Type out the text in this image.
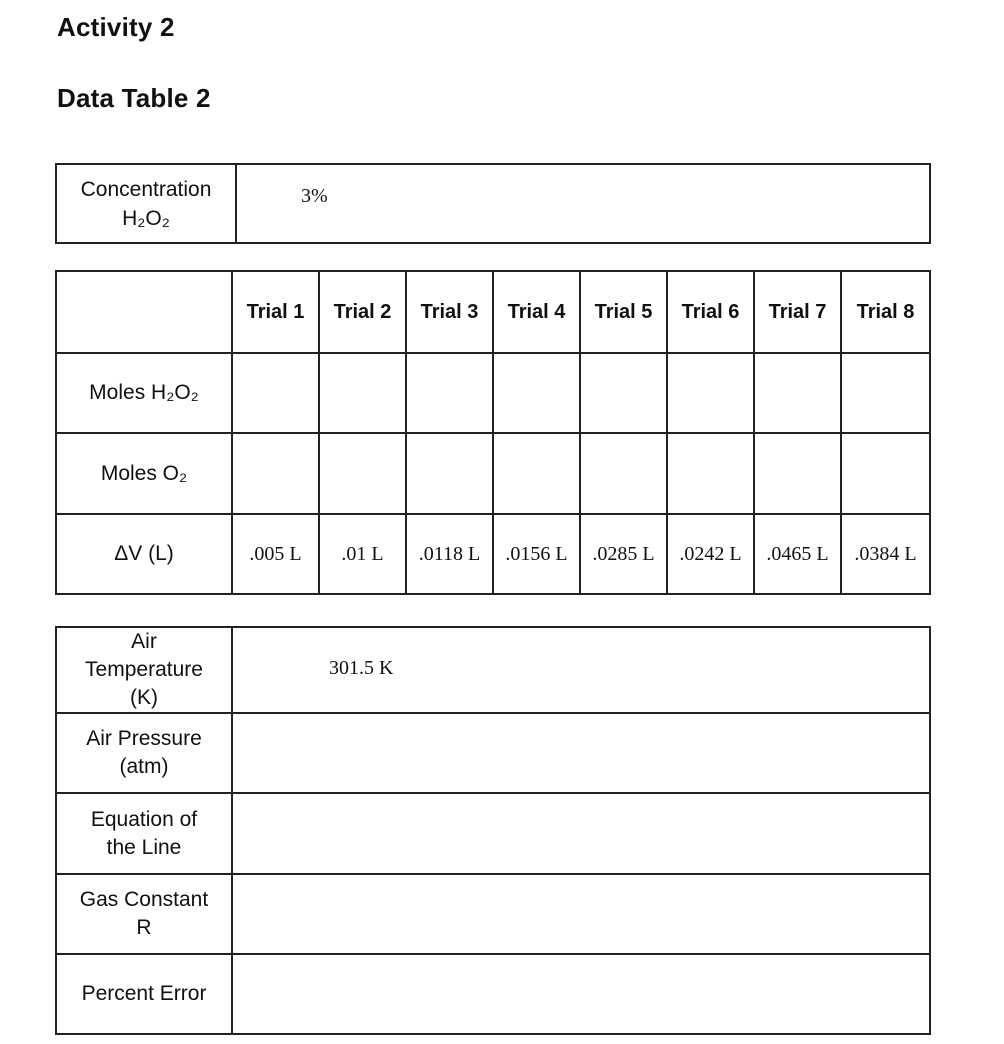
Activity 2
Data Table 2
Concentration
H₂O₂
	3%
	Trial 1	Trial 2	Trial 3	Trial 4	Trial 5	Trial 6	Trial 7	Trial 8
Moles H₂O₂								
Moles O₂								
ΔV (L)	.005 L	.01 L	.0118 L	.0156 L	.0285 L	.0242 L	.0465 L	.0384 L
Air
Temperature
(K)	301.5 K

Air Pressure
(atm)	

Equation of
the Line	

Gas Constant
R	

Percent Error	
